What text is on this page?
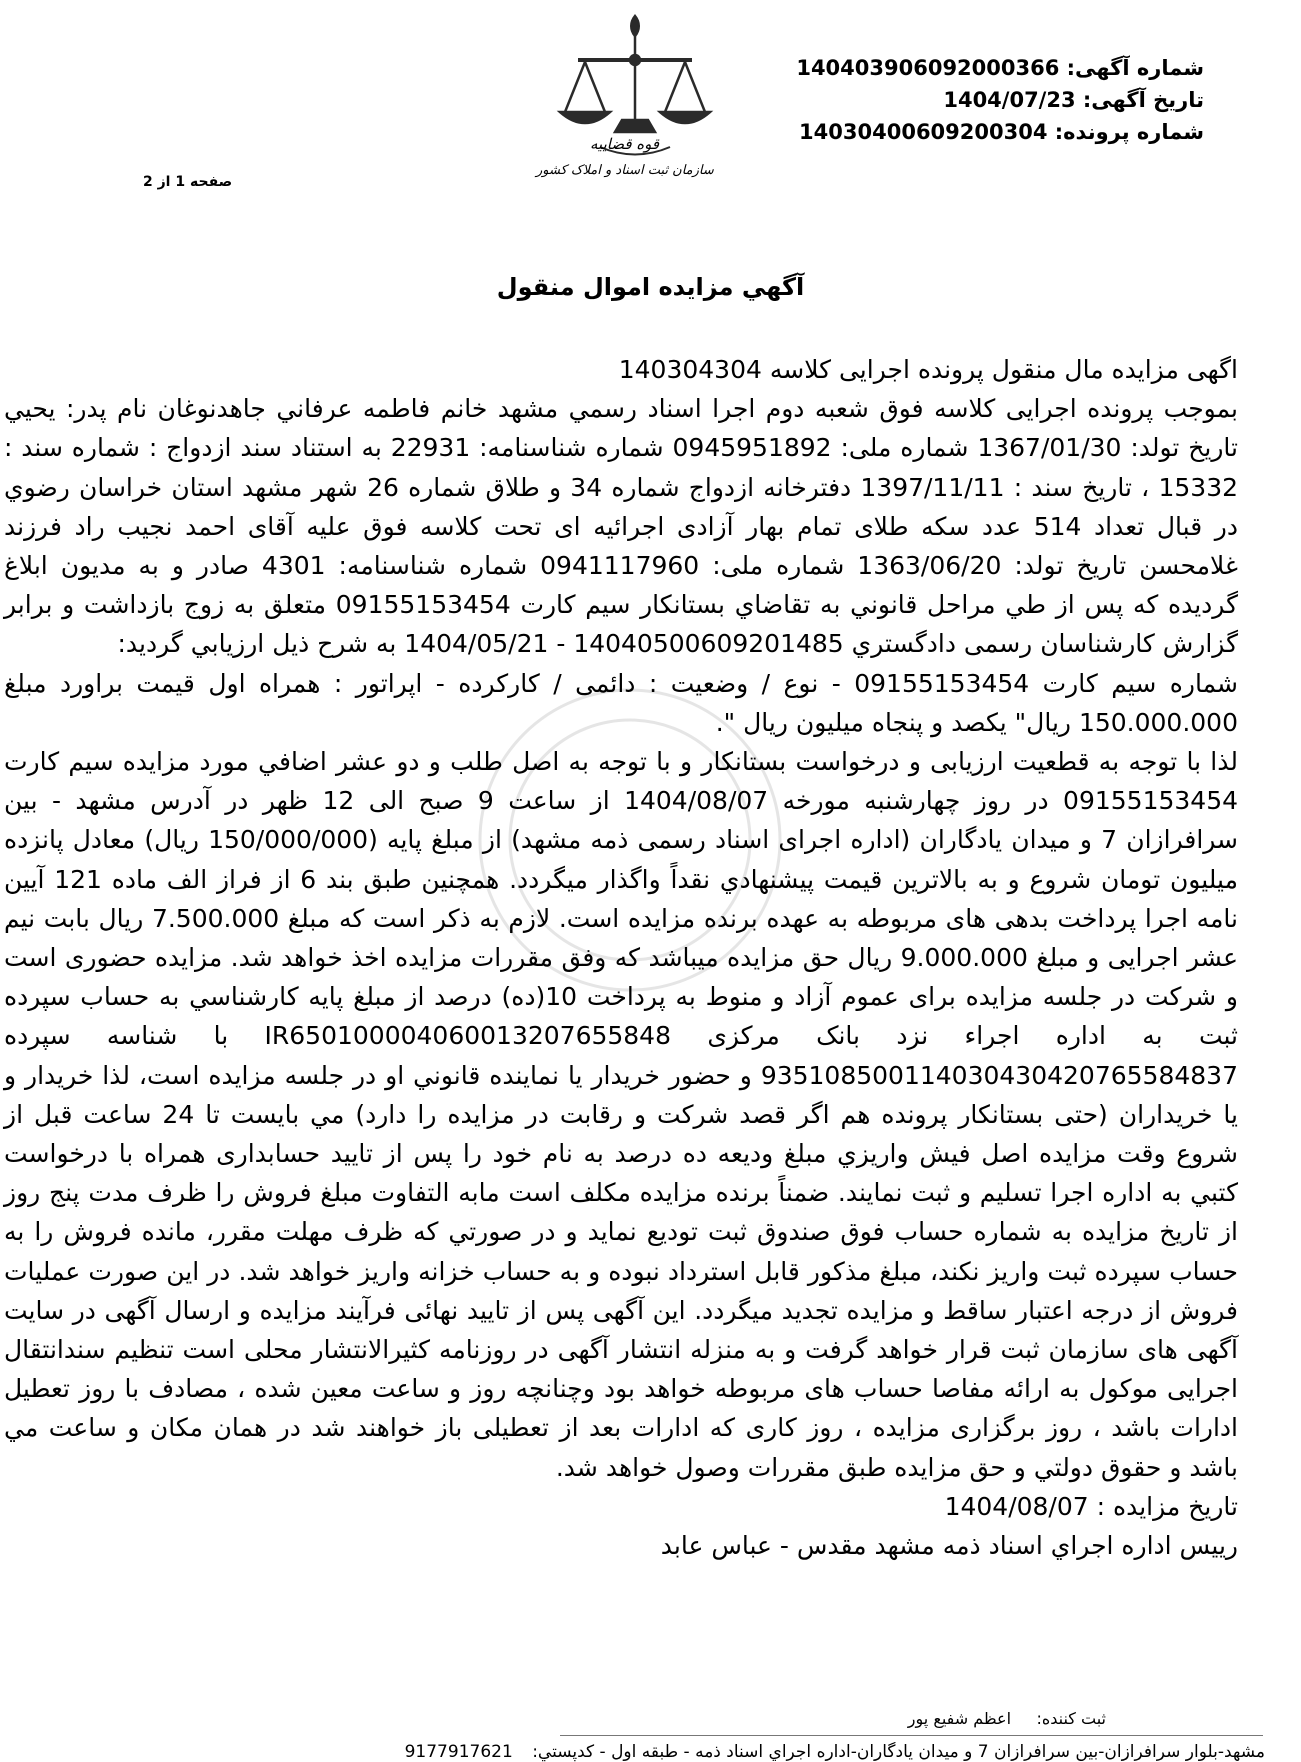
شماره آگهی: 140403906092000366
تاریخ آگهی: 1404/07/23
شماره پرونده: 14030400609200304
صفحه 1 از 2
قوه قضاییه
سازمان ثبت اسناد و املاک کشور
آگهي مزايده اموال منقول

اگهی مزایده مال منقول پرونده اجرایی کلاسه 140304304

بموجب پرونده اجرایی کلاسه فوق شعبه دوم اجرا اسناد رسمي مشهد خانم فاطمه عرفاني جاهدنوغان نام پدر: يحيي تاريخ تولد: 1367/01/30 شماره ملی: 0945951892 شماره شناسنامه: 22931 به استناد سند ازدواج : شماره سند : 15332 ، تاریخ سند : 1397/11/11 دفترخانه ازدواج شماره 34 و طلاق شماره 26 شهر مشهد استان خراسان رضوي در قبال تعداد 514 عدد سکه طلای تمام بهار آزادی اجرائیه ای تحت كلاسه فوق علیه آقای احمد نجيب راد فرزند غلامحسن تاريخ تولد: 1363/06/20 شماره ملی: 0941117960 شماره شناسنامه: 4301 صادر و به مدیون ابلاغ گردیده که پس از طي مراحل قانوني به تقاضاي بستانكار سیم کارت 09155153454 متعلق به زوج بازداشت و برابر گزارش كارشناسان رسمی دادگستري 14040500609201485 - 1404/05/21 به شرح ذیل ارزيابي گرديد:

شماره سیم کارت 09155153454 - نوع / وضعیت : دائمی / کارکرده - اپراتور : همراه اول قیمت براورد مبلغ 150.000.000 ریال" یکصد و پنجاه میلیون ریال ".

لذا با توجه به قطعيت ارزيابی و درخواست بستانكار و با توجه به اصل طلب و دو عشر اضافي مورد مزايده سیم کارت 09155153454 در روز چهارشنبه مورخه 1404/08/07 از ساعت 9 صبح الی 12 ظهر در آدرس مشهد - بین سرافرازان 7 و میدان یادگاران (اداره اجرای اسناد رسمی ذمه مشهد) از مبلغ پايه (150/000/000 ريال) معادل پانزده میلیون تومان شروع و به بالاترين قيمت پيشنهادي نقداً واگذار ميگردد. همچنين طبق بند 6 از فراز الف ماده 121 آيين نامه اجرا پرداخت بدهی های مربوطه به عهده برنده مزايده است. لازم به ذکر است که مبلغ 7.500.000 ريال بابت نيم عشر اجرايی و مبلغ 9.000.000 ريال حق مزايده ميباشد که وفق مقررات مزايده اخذ خواهد شد. مزايده حضوری است و شرکت در جلسه مزايده برای عموم آزاد و منوط به پرداخت 10(ده) درصد از مبلغ پايه کارشناسي به حساب سپرده ثبت به اداره اجراء نزد بانک مرکزی IR650100004060013207655848 با شناسه سپرده 935108500114030430420765584837 و حضور خريدار يا نماينده قانوني او در جلسه مزايده است، لذا خريدار و يا خريداران (حتی بستانکار پرونده هم اگر قصد شرکت و رقابت در مزايده را دارد) مي بايست تا 24 ساعت قبل از شروع وقت مزايده اصل فيش واريزي مبلغ وديعه ده درصد به نام خود را پس از تاييد حسابداری همراه با درخواست كتبي به اداره اجرا تسليم و ثبت نمايند. ضمناً برنده مزايده مكلف است مابه التفاوت مبلغ فروش را ظرف مدت پنج روز از تاريخ مزايده به شماره حساب فوق صندوق ثبت توديع نمايد و در صورتي كه ظرف مهلت مقرر، مانده فروش را به حساب سپرده ثبت واريز نكند، مبلغ مذكور قابل استرداد نبوده و به حساب خزانه واريز خواهد شد. در اين صورت عمليات فروش از درجه اعتبار ساقط و مزايده تجديد ميگردد. اين آگهی پس از تاييد نهائی فرآيند مزايده و ارسال آگهی در سايت آگهی های سازمان ثبت قرار خواهد گرفت و به منزله انتشار آگهی در روزنامه كثيرالانتشار محلی است تنظيم سندانتقال اجرايی موكول به ارائه مفاصا حساب های مربوطه خواهد بود وچنانچه روز و ساعت معين شده ، مصادف با روز تعطيل ادارات باشد ، روز برگزاری مزايده ، روز كاری كه ادارات بعد از تعطيلی باز خواهند شد در همان مكان و ساعت مي باشد و حقوق دولتي و حق مزايده طبق مقررات وصول خواهد شد.

تاريخ مزايده : 1404/08/07

رييس اداره اجراي اسناد ذمه مشهد مقدس - عباس عابد

ثبت کننده:     اعظم شفيع پور
مشهد-بلوار سرافرازان-بين سرافرازان 7 و ميدان يادگاران-اداره اجراي اسناد ذمه - طبقه اول - كدپستي: 9177917621
